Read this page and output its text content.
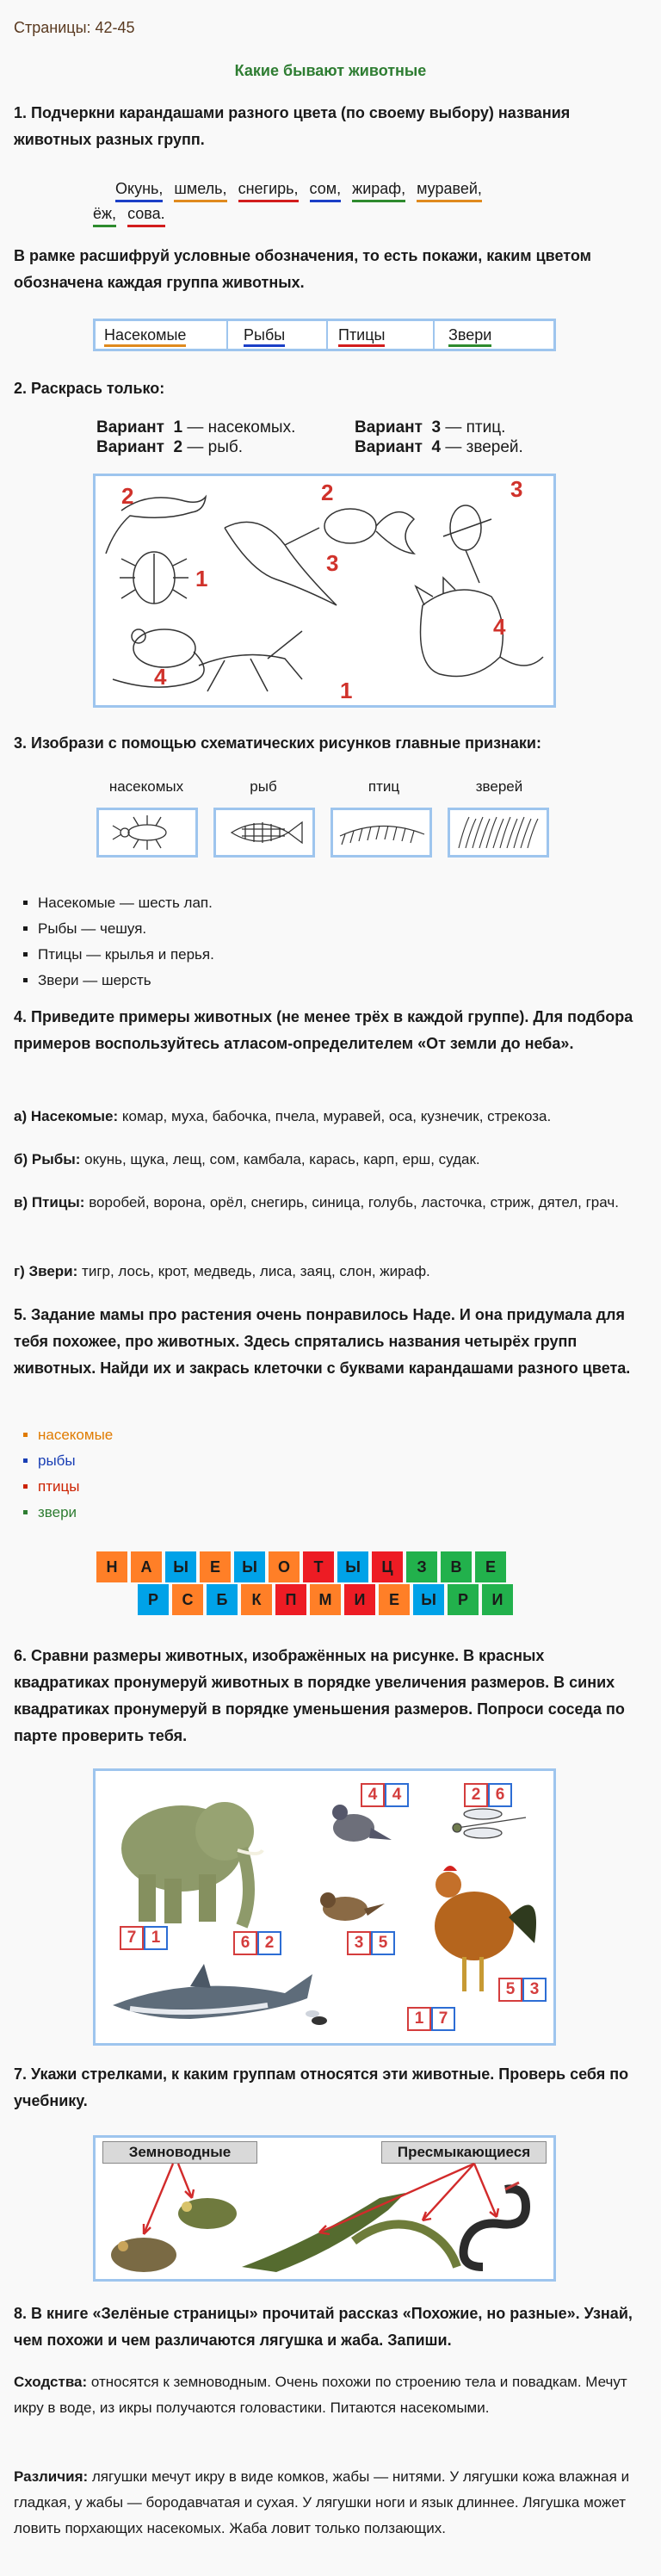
Страницы: 42-45
Какие бывают животные
1. Подчеркни карандашами разного цвета (по своему выбору) названия животных разных групп.
Окунь, шмель, снегирь, сом, жираф, муравей,
ёж, сова.
В рамке расшифруй условные обозначения, то есть покажи, каким цветом обозначена каждая группа животных.
Насекомые	Рыбы	Птицы	Звери
2. Раскрась только:
Вариант 1 — насекомых.
Вариант 2 — рыб.
Вариант 3 — птиц.
Вариант 4 — зверей.
2	2	3
1
3
4
4
1
3. Изобрази с помощью схематических рисунков главные признаки:
насекомых	рыб	птиц	зверей
▪ Насекомые — шесть лап.
▪ Рыбы — чешуя.
▪ Птицы — крылья и перья.
▪ Звери — шерсть
4. Приведите примеры животных (не менее трёх в каждой группе). Для подбора примеров воспользуйтесь атласом-определителем «От земли до неба».
а) Насекомые: комар, муха, бабочка, пчела, муравей, оса, кузнечик, стрекоза.
б) Рыбы: окунь, щука, лещ, сом, камбала, карась, карп, ерш, судак.
в) Птицы: воробей, ворона, орёл, снегирь, синица, голубь, ласточка, стриж, дятел, грач.
г) Звери: тигр, лось, крот, медведь, лиса, заяц, слон, жираф.
5. Задание мамы про растения очень понравилось Наде. И она придумала для тебя похожее, про животных. Здесь спрятались названия четырёх групп животных. Найди их и закрась клеточки с буквами карандашами разного цвета.
▪ насекомые
▪ рыбы
▪ птицы
▪ звери
Н	А	Ы	Е	Ы	О	Т	Ы	Ц	З	В	Е
Р	С	Б	К	П	М	И	Е	Ы	Р	И
6. Сравни размеры животных, изображённых на рисунке. В красных квадратиках пронумеруй животных в порядке увеличения размеров. В синих квадратиках пронумеруй в порядке уменьшения размеров. Попроси соседа по парте проверить тебя.
7 1
4 4	2 6
6 2	3 5
5 3
1 7
7. Укажи стрелками, к каким группам относятся эти животные. Проверь себя по учебнику.
Земноводные	Пресмыкающиеся
8. В книге «Зелёные страницы» прочитай рассказ «Похожие, но разные». Узнай, чем похожи и чем различаются лягушка и жаба. Запиши.
Сходства: относятся к земноводным. Очень похожи по строению тела и повадкам. Мечут икру в воде, из икры получаются головастики. Питаются насекомыми.
Различия: лягушки мечут икру в виде комков, жабы — нитями. У лягушки кожа влажная и гладкая, у жабы — бородавчатая и сухая. У лягушки ноги и язык длиннее. Лягушка может ловить порхающих насекомых. Жаба ловит только ползающих.
